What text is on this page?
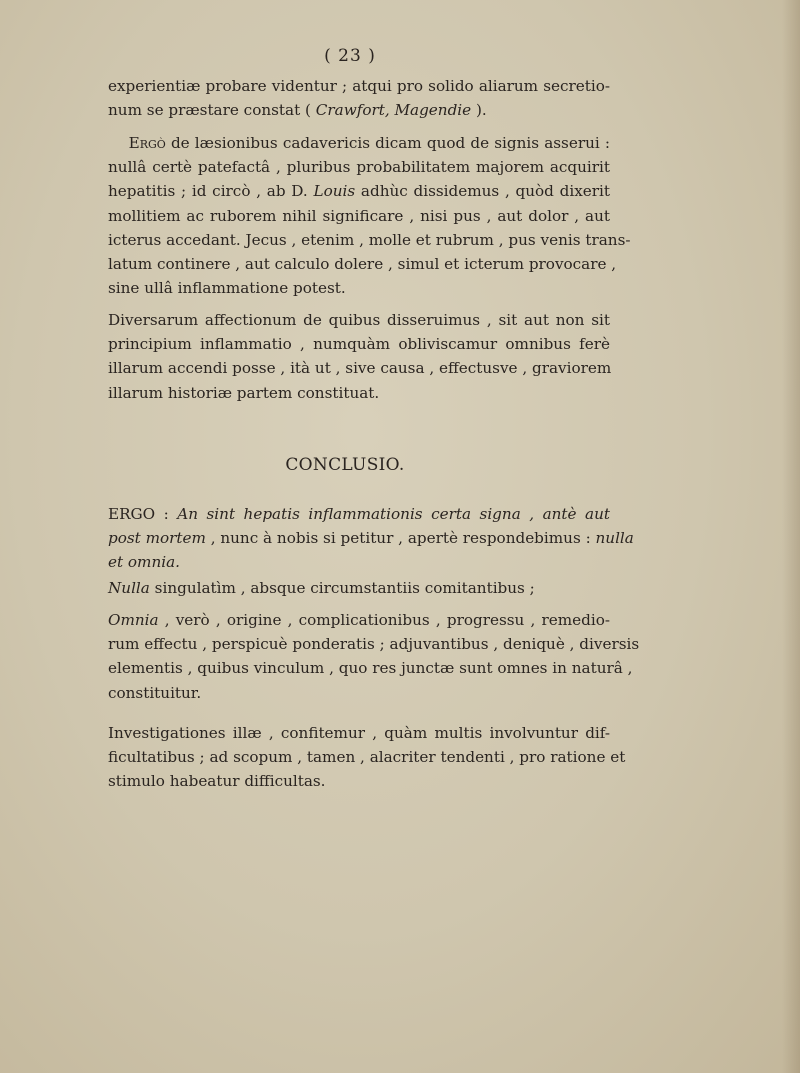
( 23 )
experientiæ probare videntur ; atqui pro solido aliarum secretio-
num se præstare constat ( Crawfort, Magendie ).
Ergò de læsionibus cadavericis dicam quod de signis asserui :
nullâ certè patefactâ , pluribus probabilitatem majorem acquirit
hepatitis ; id circò , ab D. Louis adhùc dissidemus , quòd dixerit
mollitiem ac ruborem nihil significare , nisi pus , aut dolor , aut
icterus accedant. Jecus , etenim , molle et rubrum , pus venis trans-
latum continere , aut calculo dolere , simul et icterum provocare ,
sine ullâ inflammatione potest.
Diversarum affectionum de quibus disseruimus , sit aut non sit
principium inflammatio , numquàm obliviscamur omnibus ferè
illarum accendi posse , ità ut , sive causa , effectusve , graviorem
illarum historiæ partem constituat.
CONCLUSIO.
ERGO : An sint hepatis inflammationis certa signa , antè aut
post mortem , nunc à nobis si petitur , apertè respondebimus : nulla
et omnia.
Nulla singulatìm , absque circumstantiis comitantibus ;
Omnia , verò , origine , complicationibus , progressu , remedio-
rum effectu , perspicuè ponderatis ; adjuvantibus , deniquè , diversis
elementis , quibus vinculum , quo res junctæ sunt omnes in naturâ ,
constituitur.
Investigationes illæ , confitemur , quàm multis involvuntur dif-
ficultatibus ; ad scopum , tamen , alacriter tendenti , pro ratione et
stimulo habeatur difficultas.
